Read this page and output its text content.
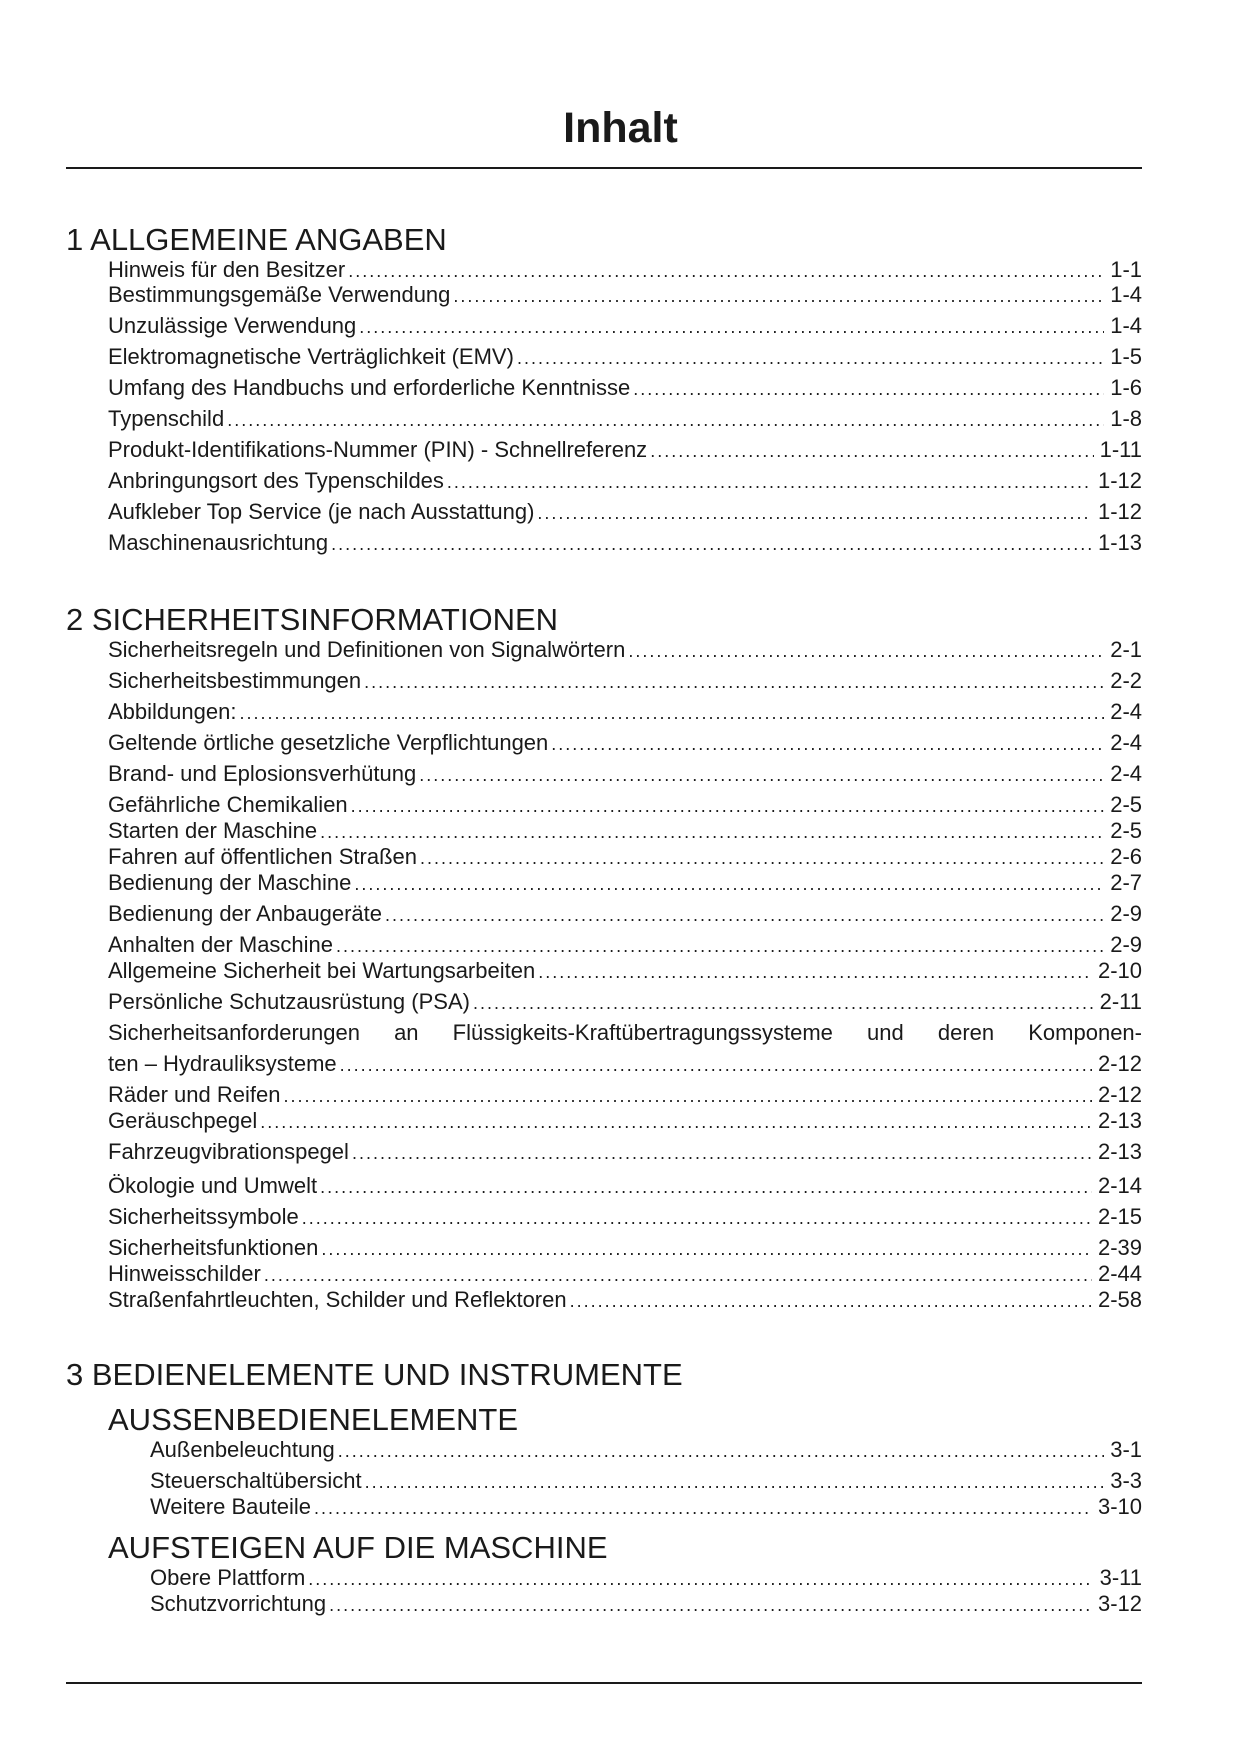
Inhalt
1 ALLGEMEINE ANGABEN
Hinweis für den Besitzer .....	1-1
Bestimmungsgemäße Verwendung .....	1-4
Unzulässige Verwendung .....	1-4
Elektromagnetische Verträglichkeit (EMV) .....	1-5
Umfang des Handbuchs und erforderliche Kenntnisse .....	1-6
Typenschild .....	1-8
Produkt-Identifikations-Nummer (PIN) - Schnellreferenz .....	1-11
Anbringungsort des Typenschildes .....	1-12
Aufkleber Top Service (je nach Ausstattung) .....	1-12
Maschinenausrichtung .....	1-13
2 SICHERHEITSINFORMATIONEN
Sicherheitsregeln und Definitionen von Signalwörtern .....	2-1
Sicherheitsbestimmungen .....	2-2
Abbildungen: .....	2-4
Geltende örtliche gesetzliche Verpflichtungen .....	2-4
Brand- und Eplosionsverhütung .....	2-4
Gefährliche Chemikalien .....	2-5
Starten der Maschine .....	2-5
Fahren auf öffentlichen Straßen .....	2-6
Bedienung der Maschine .....	2-7
Bedienung der Anbaugeräte .....	2-9
Anhalten der Maschine .....	2-9
Allgemeine Sicherheit bei Wartungsarbeiten .....	2-10
Persönliche Schutzausrüstung (PSA) .....	2-11
Sicherheitsanforderungen an Flüssigkeits-Kraftübertragungssysteme und deren Komponen-
ten – Hydrauliksysteme .....	2-12
Räder und Reifen .....	2-12
Geräuschpegel .....	2-13
Fahrzeugvibrationspegel .....	2-13
Ökologie und Umwelt .....	2-14
Sicherheitssymbole .....	2-15
Sicherheitsfunktionen .....	2-39
Hinweisschilder .....	2-44
Straßenfahrtleuchten, Schilder und Reflektoren .....	2-58
3 BEDIENELEMENTE UND INSTRUMENTE
AUSSENBEDIENELEMENTE
Außenbeleuchtung .....	3-1
Steuerschaltübersicht .....	3-3
Weitere Bauteile .....	3-10
AUFSTEIGEN AUF DIE MASCHINE
Obere Plattform .....	3-11
Schutzvorrichtung .....	3-12
